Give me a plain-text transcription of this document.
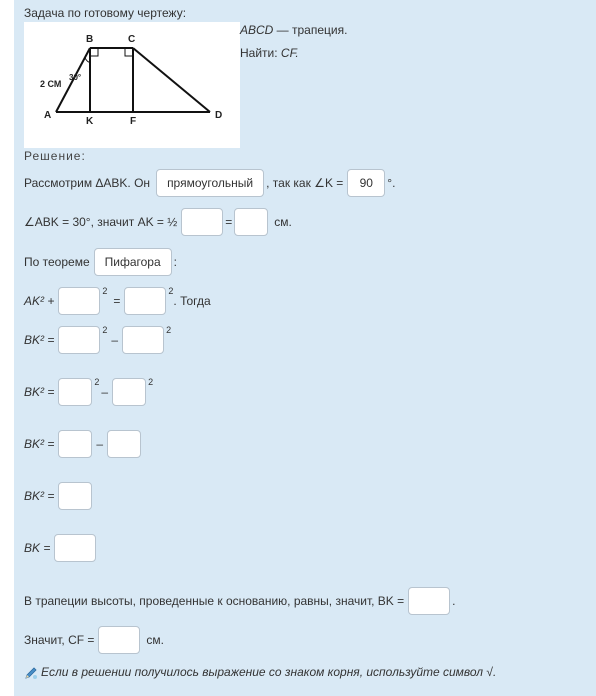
Задача по готовому чертежу:
B	C
A	D
K	F
2 СМ
30°
ABCD — трапеция.
Найти: CF.
Решение:
Рассмотрим ΔABK. Он	прямоугольный	, так как ∠K =	90	°.
∠ABK = 30°, значит AK = ½	=	см.
По теореме	Пифагора	:
AK² +
2
=
2
. Тогда
BK² =
2
–
2
BK² =
2
–
2
BK² =	–
BK² =
BK =
В трапеции высоты, проведенные к основанию, равны, значит, BK =	.
Значит, CF =	см.
Если в решении получилось выражение со знаком корня, используйте символ √.
